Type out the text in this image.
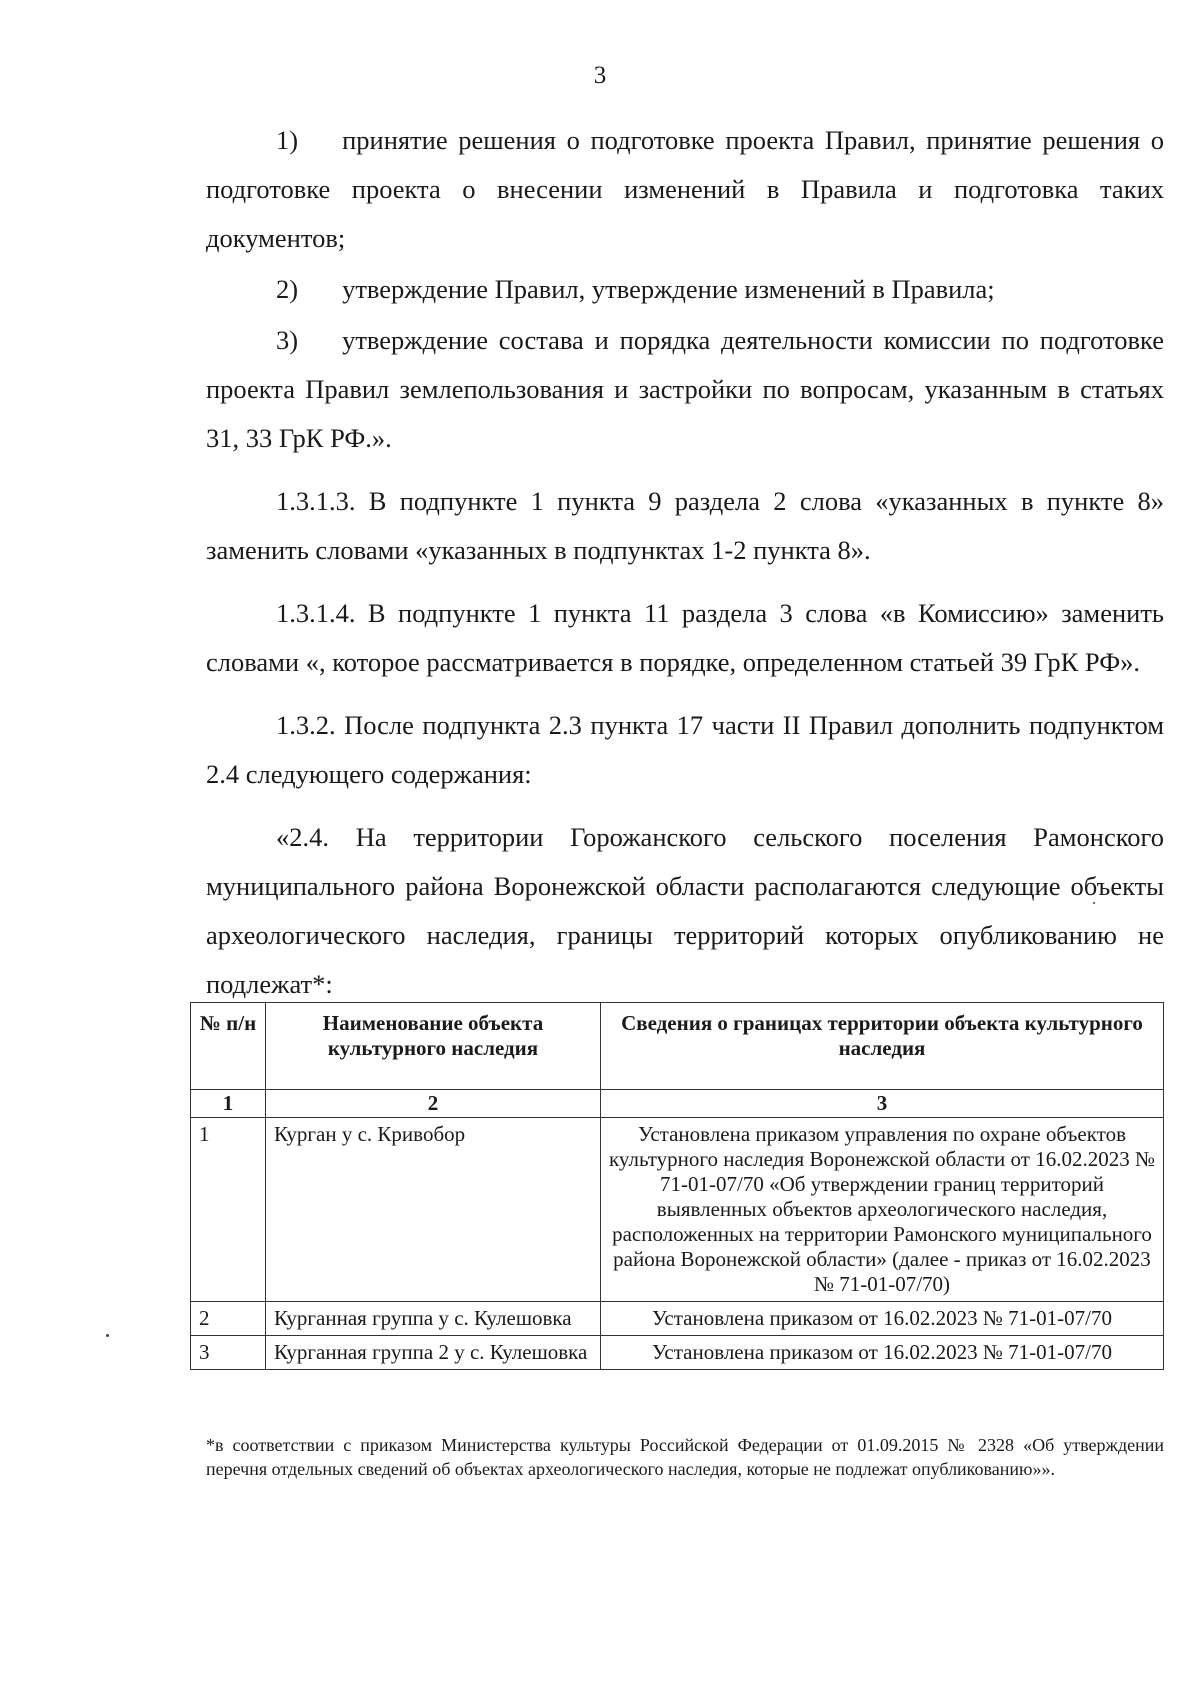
3

1) принятие решения о подготовке проекта Правил, принятие решения о подготовке проекта о внесении изменений в Правила и подготовка таких документов;

2) утверждение Правил, утверждение изменений в Правила;

3) утверждение состава и порядка деятельности комиссии по подготовке проекта Правил землепользования и застройки по вопросам, указанным в статьях 31, 33 ГрК РФ.».

1.3.1.3. В подпункте 1 пункта 9 раздела 2 слова «указанных в пункте 8» заменить словами «указанных в подпунктах 1-2 пункта 8».

1.3.1.4. В подпункте 1 пункта 11 раздела 3 слова «в Комиссию» заменить словами «, которое рассматривается в порядке, определенном статьей 39 ГрК РФ».

1.3.2. После подпункта 2.3 пункта 17 части II Правил дополнить подпунктом 2.4 следующего содержания:

«2.4. На территории Горожанского сельского поселения Рамонского муниципального района Воронежской области располагаются следующие объекты археологического наследия, границы территорий которых опубликованию не подлежат*:

№ п/н	Наименование объекта культурного наследия	Сведения о границах территории объекта культурного наследия
1	2	3
1	Курган у с. Кривобор	Установлена приказом управления по охране объектов культурного наследия Воронежской области от 16.02.2023 № 71-01-07/70 «Об утверждении границ территорий выявленных объектов археологического наследия, расположенных на территории Рамонского муниципального района Воронежской области» (далее - приказ от 16.02.2023 № 71-01-07/70)
2	Курганная группа у с. Кулешовка	Установлена приказом от 16.02.2023 № 71-01-07/70
3	Курганная группа 2 у с. Кулешовка	Установлена приказом от 16.02.2023 № 71-01-07/70
*в соответствии с приказом Министерства культуры Российской Федерации от 01.09.2015 № 2328 «Об утверждении перечня отдельных сведений об объектах археологического наследия, которые не подлежат опубликованию»».
